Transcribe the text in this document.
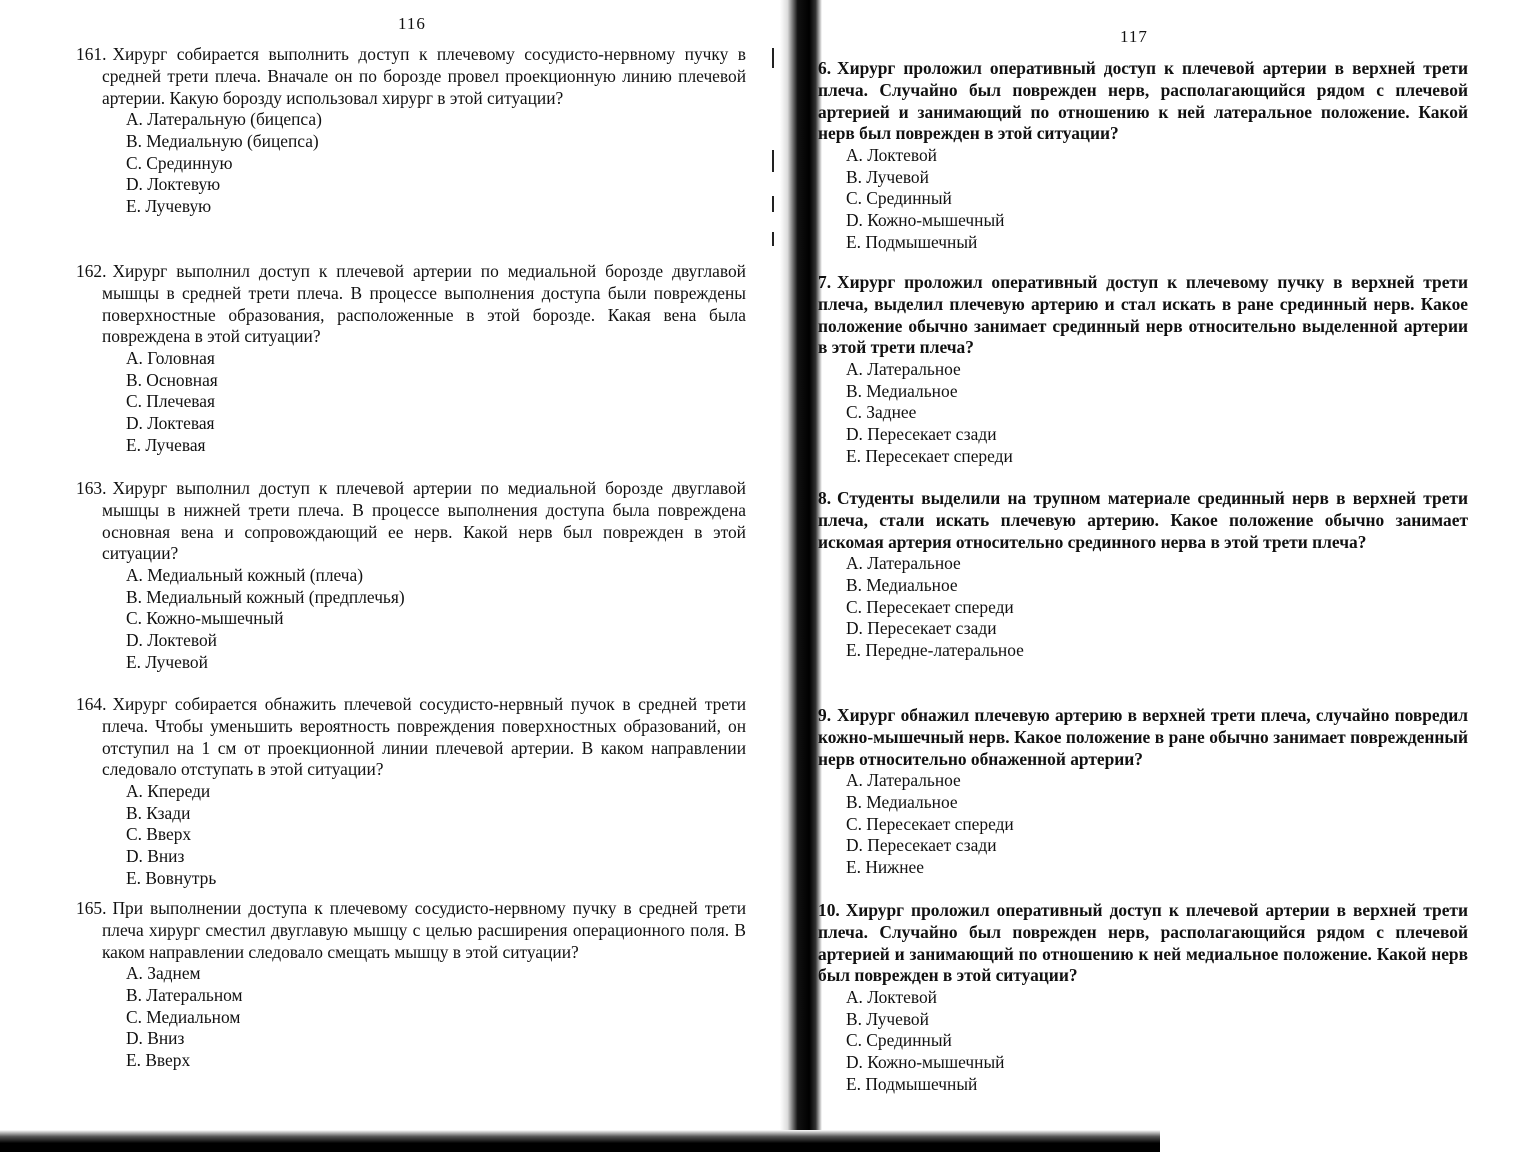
116

161. Хирург собирается выполнить доступ к плечевому сосудисто-нервному пучку в средней трети плеча. Вначале он по борозде провел проекционную линию плечевой артерии. Какую борозду использовал хирург в этой ситуации?

A. Латеральную (бицепса)
B. Медиальную (бицепса)
C. Срединную
D. Локтевую
E. Лучевую

162. Хирург выполнил доступ к плечевой артерии по медиальной борозде двуглавой мышцы в средней трети плеча. В процессе выполнения доступа были повреждены поверхностные образования, расположенные в этой борозде. Какая вена была повреждена в этой ситуации?

A. Головная
B. Основная
C. Плечевая
D. Локтевая
E. Лучевая

163. Хирург выполнил доступ к плечевой артерии по медиальной борозде двуглавой мышцы в нижней трети плеча. В процессе выполнения доступа была повреждена основная вена и сопровождающий ее нерв. Какой нерв был поврежден в этой ситуации?

A. Медиальный кожный (плеча)
B. Медиальный кожный (предплечья)
C. Кожно-мышечный
D. Локтевой
E. Лучевой

164. Хирург собирается обнажить плечевой сосудисто-нервный пучок в средней трети плеча. Чтобы уменьшить вероятность повреждения поверхностных образований, он отступил на 1 см от проекционной линии плечевой артерии. В каком направлении следовало отступать в этой ситуации?

A. Кпереди
B. Кзади
C. Вверх
D. Вниз
E. Вовнутрь

165. При выполнении доступа к плечевому сосудисто-нервному пучку в средней трети плеча хирург сместил двуглавую мышцу с целью расширения операционного поля. В каком направлении следовало смещать мышцу в этой ситуации?

A. Заднем
B. Латеральном
C. Медиальном
D. Вниз
E. Вверх
117

6. Хирург проложил оперативный доступ к плечевой артерии в верхней трети плеча. Случайно был поврежден нерв, располагающийся рядом с плечевой артерией и занимающий по отношению к ней латеральное положение. Какой нерв был поврежден в этой ситуации?

A. Локтевой
B. Лучевой
C. Срединный
D. Кожно-мышечный
E. Подмышечный

7. Хирург проложил оперативный доступ к плечевому пучку в верхней трети плеча, выделил плечевую артерию и стал искать в ране срединный нерв. Какое положение обычно занимает срединный нерв относительно выделенной артерии в этой трети плеча?

A. Латеральное
B. Медиальное
C. Заднее
D. Пересекает сзади
E. Пересекает спереди

8. Студенты выделили на трупном материале срединный нерв в верхней трети плеча, стали искать плечевую артерию. Какое положение обычно занимает искомая артерия относительно срединного нерва в этой трети плеча?

A. Латеральное
B. Медиальное
C. Пересекает спереди
D. Пересекает сзади
E. Передне-латеральное

9. Хирург обнажил плечевую артерию в верхней трети плеча, случайно повредил кожно-мышечный нерв. Какое положение в ране обычно занимает поврежденный нерв относительно обнаженной артерии?

A. Латеральное
B. Медиальное
C. Пересекает спереди
D. Пересекает сзади
E. Нижнее

10. Хирург проложил оперативный доступ к плечевой артерии в верхней трети плеча. Случайно был поврежден нерв, располагающийся рядом с плечевой артерией и занимающий по отношению к ней медиальное положение. Какой нерв был поврежден в этой ситуации?

A. Локтевой
B. Лучевой
C. Срединный
D. Кожно-мышечный
E. Подмышечный
